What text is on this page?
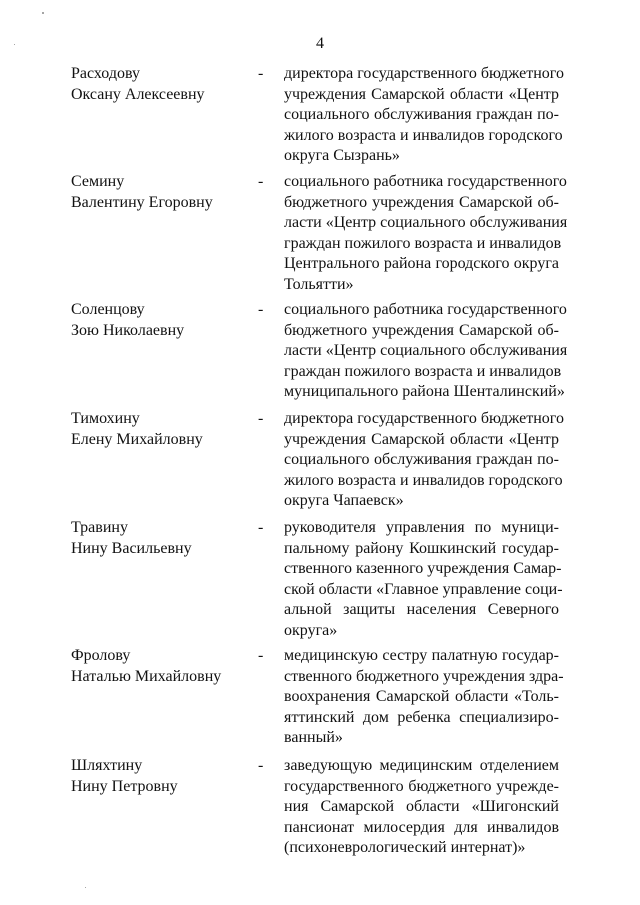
4
Расходову
Оксану Алексеевну
- директора государственного бюджетного
учреждения Самарской области «Центр
социального обслуживания граждан по-
жилого возраста и инвалидов городского
округа Сызрань»
Семину
Валентину Егоровну
- социального работника государственного
бюджетного учреждения Самарской об-
ласти «Центр социального обслуживания
граждан пожилого возраста и инвалидов
Центрального района городского округа
Тольятти»
Соленцову
Зою Николаевну
- социального работника государственного
бюджетного учреждения Самарской об-
ласти «Центр социального обслуживания
граждан пожилого возраста и инвалидов
муниципального района Шенталинский»
Тимохину
Елену Михайловну
- директора государственного бюджетного
учреждения Самарской области «Центр
социального обслуживания граждан по-
жилого возраста и инвалидов городского
округа Чапаевск»
Травину
Нину Васильевну
- руководителя управления по муници-
пальному району Кошкинский государ-
ственного казенного учреждения Самар-
ской области «Главное управление соци-
альной защиты населения Северного
округа»
Фролову
Наталью Михайловну
- медицинскую сестру палатную государ-
ственного бюджетного учреждения здра-
воохранения Самарской области «Толь-
яттинский дом ребенка специализиро-
ванный»
Шляхтину
Нину Петровну
- заведующую медицинским отделением
государственного бюджетного учрежде-
ния Самарской области «Шигонский
пансионат милосердия для инвалидов
(психоневрологический интернат)»
